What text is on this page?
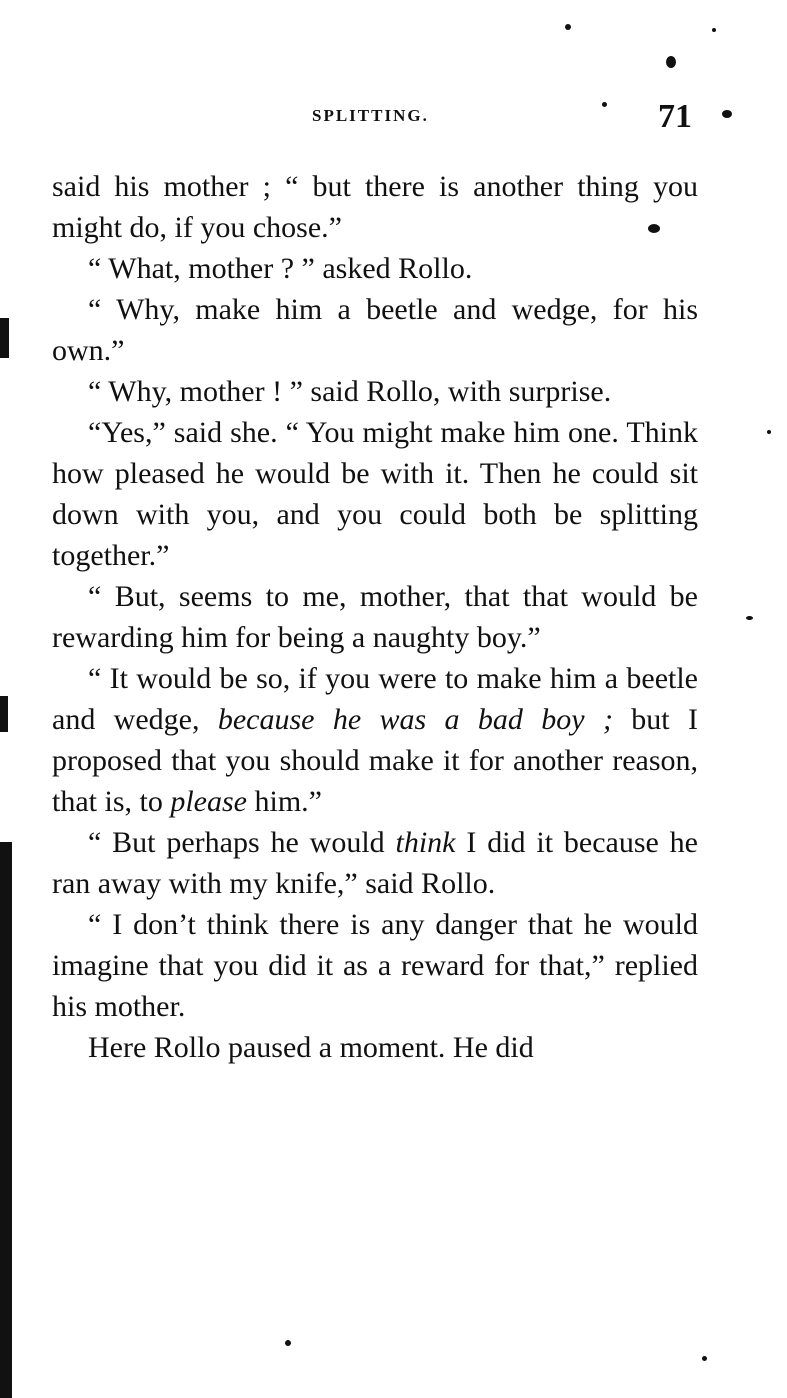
SPLITTING.	71

said his mother ; “ but there is another thing you might do, if you chose.”

“ What, mother ? ” asked Rollo.

“ Why, make him a beetle and wedge, for his own.”

“ Why, mother ! ” said Rollo, with surprise.

“Yes,” said she. “ You might make him one. Think how pleased he would be with it. Then he could sit down with you, and you could both be splitting together.”

“ But, seems to me, mother, that that would be rewarding him for being a naughty boy.”

“ It would be so, if you were to make him a beetle and wedge, because he was a bad boy ; but I proposed that you should make it for another reason, that is, to please him.”

“ But perhaps he would think I did it because he ran away with my knife,” said Rollo.

“ I don’t think there is any danger that he would imagine that you did it as a reward for that,” replied his mother.

Here Rollo paused a moment. He did
